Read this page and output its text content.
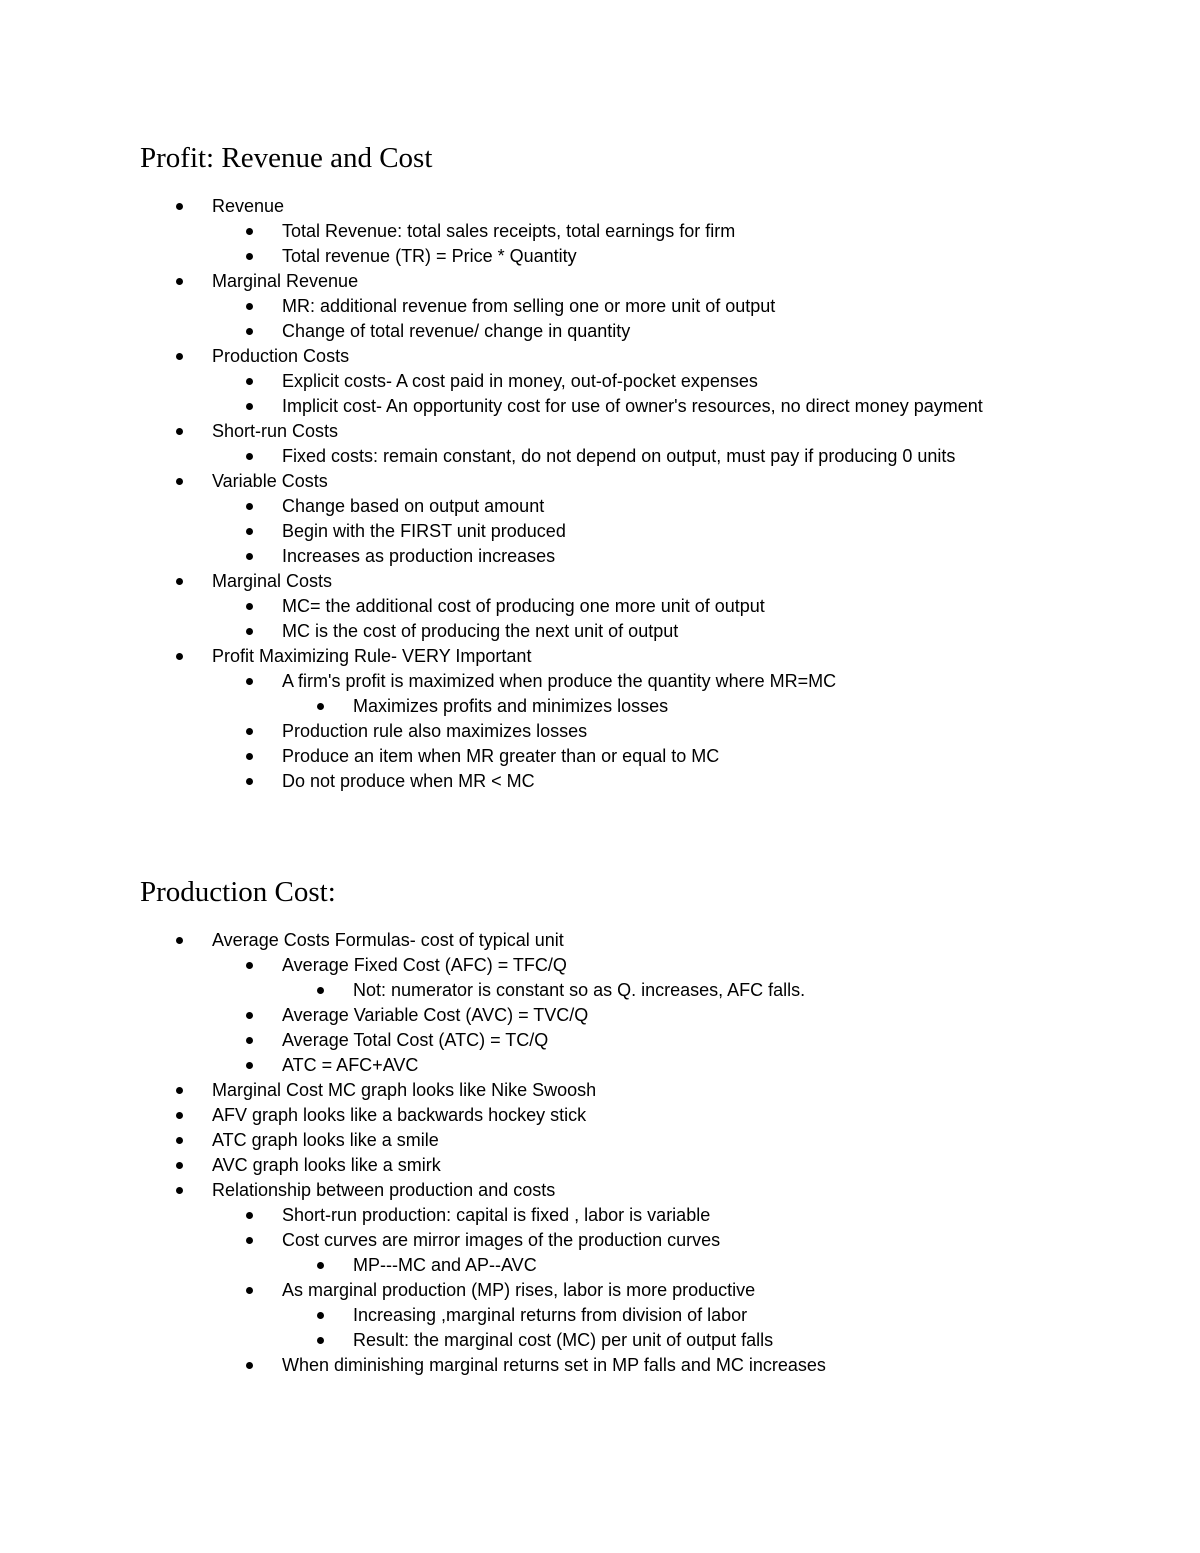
Profit: Revenue and Cost
Revenue
Total Revenue: total sales receipts, total earnings for firm
Total revenue (TR) = Price * Quantity
Marginal Revenue
MR: additional revenue from selling one or more unit of output
Change of total revenue/ change in quantity
Production Costs
Explicit costs- A cost paid in money, out-of-pocket expenses
Implicit cost- An opportunity cost for use of owner's resources, no direct money payment
Short-run Costs
Fixed costs: remain constant, do not depend on output, must pay if producing 0 units
Variable Costs
Change based on output amount
Begin with the FIRST unit produced
Increases as production increases
Marginal Costs
MC= the additional cost of producing one more unit of output
MC is the cost of producing the next unit of output
Profit Maximizing Rule- VERY Important
A firm's profit is maximized when produce the quantity where MR=MC
Maximizes profits and minimizes losses
Production rule also maximizes losses
Produce an item when MR greater than or equal to MC
Do not produce when MR < MC
Production Cost:
Average Costs Formulas- cost of typical unit
Average Fixed Cost (AFC) = TFC/Q
Not: numerator is constant so as Q. increases, AFC falls.
Average Variable Cost (AVC) = TVC/Q
Average Total Cost (ATC) = TC/Q
ATC = AFC+AVC
Marginal Cost MC graph looks like Nike Swoosh
AFV graph looks like a backwards hockey stick
ATC graph looks like a smile
AVC graph looks like a smirk
Relationship between production and costs
Short-run production: capital is fixed , labor is variable
Cost curves are mirror images of the production curves
MP---MC and AP--AVC
As marginal production (MP) rises, labor is more productive
Increasing ,marginal returns from division of labor
Result: the marginal cost (MC) per unit of output falls
When diminishing marginal returns set in MP falls and MC increases
